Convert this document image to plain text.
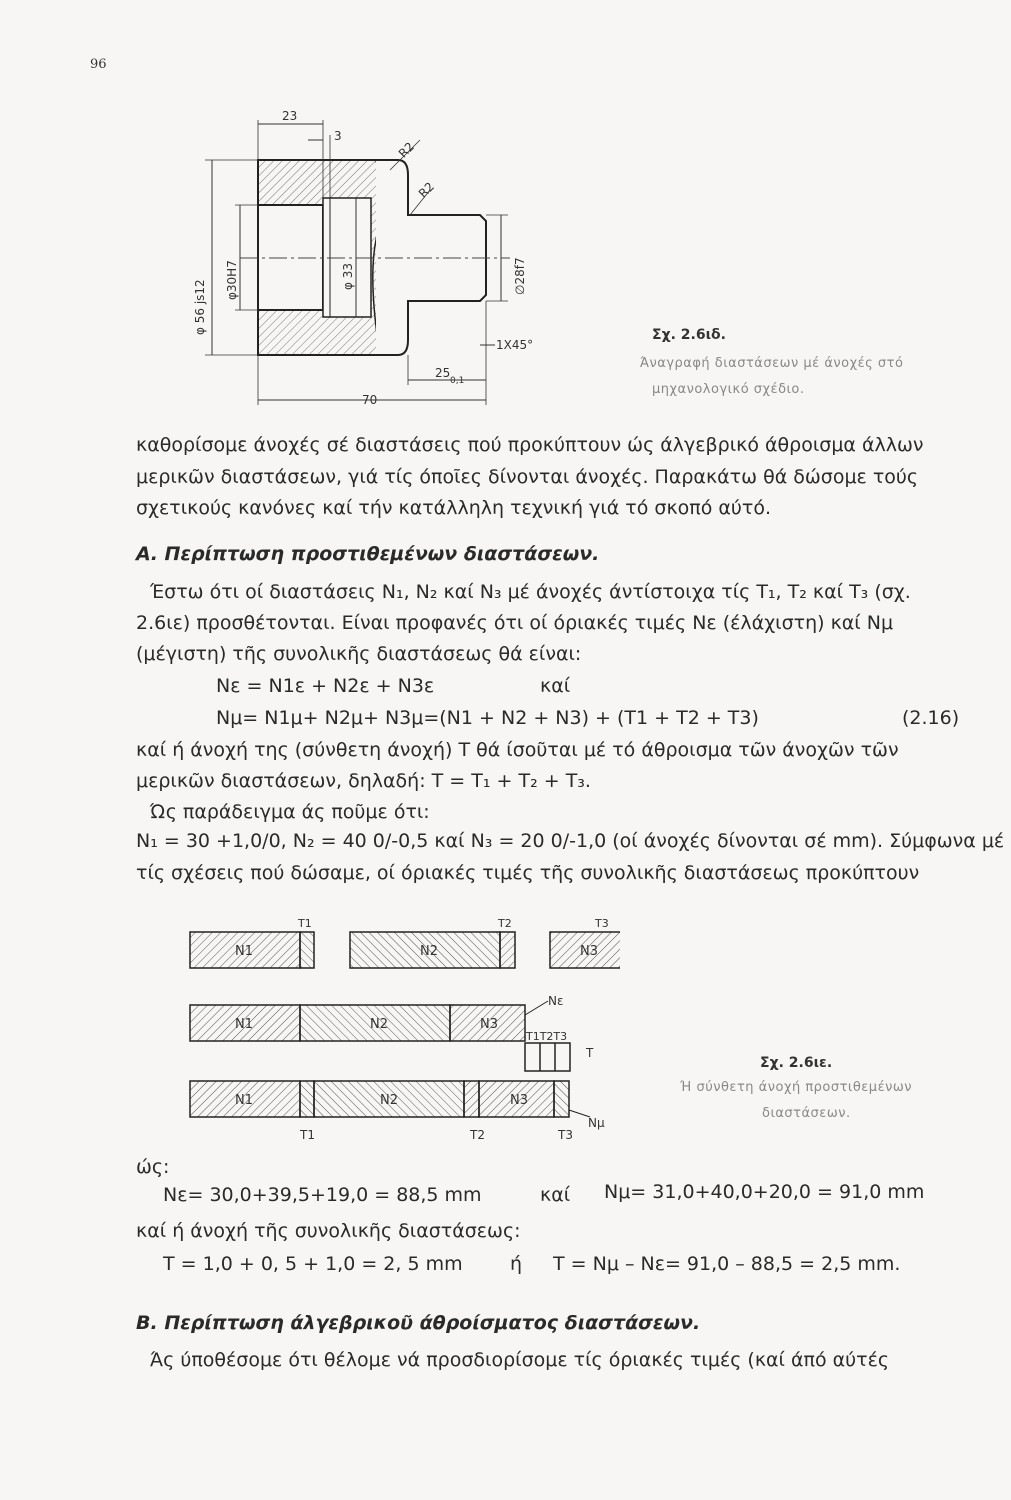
96
23
3
R2
R2
φ 56 js12 φ30H7	φ 33	∅28f7
1X45°
25
0,1
70
Σχ. 2.6ιδ.
Άναγραφή διαστάσεων μέ άνοχές στό
μηχανολογικό σχέδιο.
καθορίσομε άνοχές σέ διαστάσεις πού προκύπτουν ώς άλγεβρικό άθροισμα άλλων
μερικῶν διαστάσεων, γιά τίς όποῖες δίνονται άνοχές. Παρακάτω θά δώσομε τούς
σχετικούς κανόνες καί τήν κατάλληλη τεχνική γιά τό σκοπό αύτό.
Α. Περίπτωση προστιθεμένων διαστάσεων.
Έστω ότι οί διαστάσεις N₁, N₂ καί N₃ μέ άνοχές άντίστοιχα τίς T₁, T₂ καί T₃ (σχ.
2.6ιε) προσθέτονται. Είναι προφανές ότι οί όριακές τιμές Nε (έλάχιστη) καί Nμ
(μέγιστη) τῆς συνολικῆς διαστάσεως θά είναι:
Nε = N1ε + N2ε + N3ε	καί
Nμ= N1μ+ N2μ+ N3μ=(N1 + N2 + N3) + (T1 + T2 + T3)	(2.16)
καί ή άνοχή της (σύνθετη άνοχή) T θά ίσοῦται μέ τό άθροισμα τῶν άνοχῶν τῶν
μερικῶν διαστάσεων, δηλαδή: T = T₁ + T₂ + T₃.
Ώς παράδειγμα άς ποῦμε ότι:
N₁ = 30 +1,0/0, N₂ = 40 0/-0,5 καί N₃ = 20 0/-1,0 (οί άνοχές δίνονται σέ mm). Σύμφωνα μέ
τίς σχέσεις πού δώσαμε, οί όριακές τιμές τῆς συνολικῆς διαστάσεως προκύπτουν
N1	N2	N3
T1	T2	T3
N1	N2	N3
Nε
T1T2T3
T
N1	N2	N3
Nμ
T1	T2	T3
Σχ. 2.6ιε.
Ή σύνθετη άνοχή προστιθεμένων
διαστάσεων.
ώς:
Nε= 30,0+39,5+19,0 = 88,5 mm	καί Nμ= 31,0+40,0+20,0 = 91,0 mm
καί ή άνοχή τῆς συνολικῆς διαστάσεως:
T = 1,0 + 0, 5 + 1,0 = 2, 5 mm ή T = Nμ – Nε= 91,0 – 88,5 = 2,5 mm.
Β. Περίπτωση άλγεβρικοῦ άθροίσματος διαστάσεων.
Άς ύποθέσομε ότι θέλομε νά προσδιορίσομε τίς όριακές τιμές (καί άπό αύτές
